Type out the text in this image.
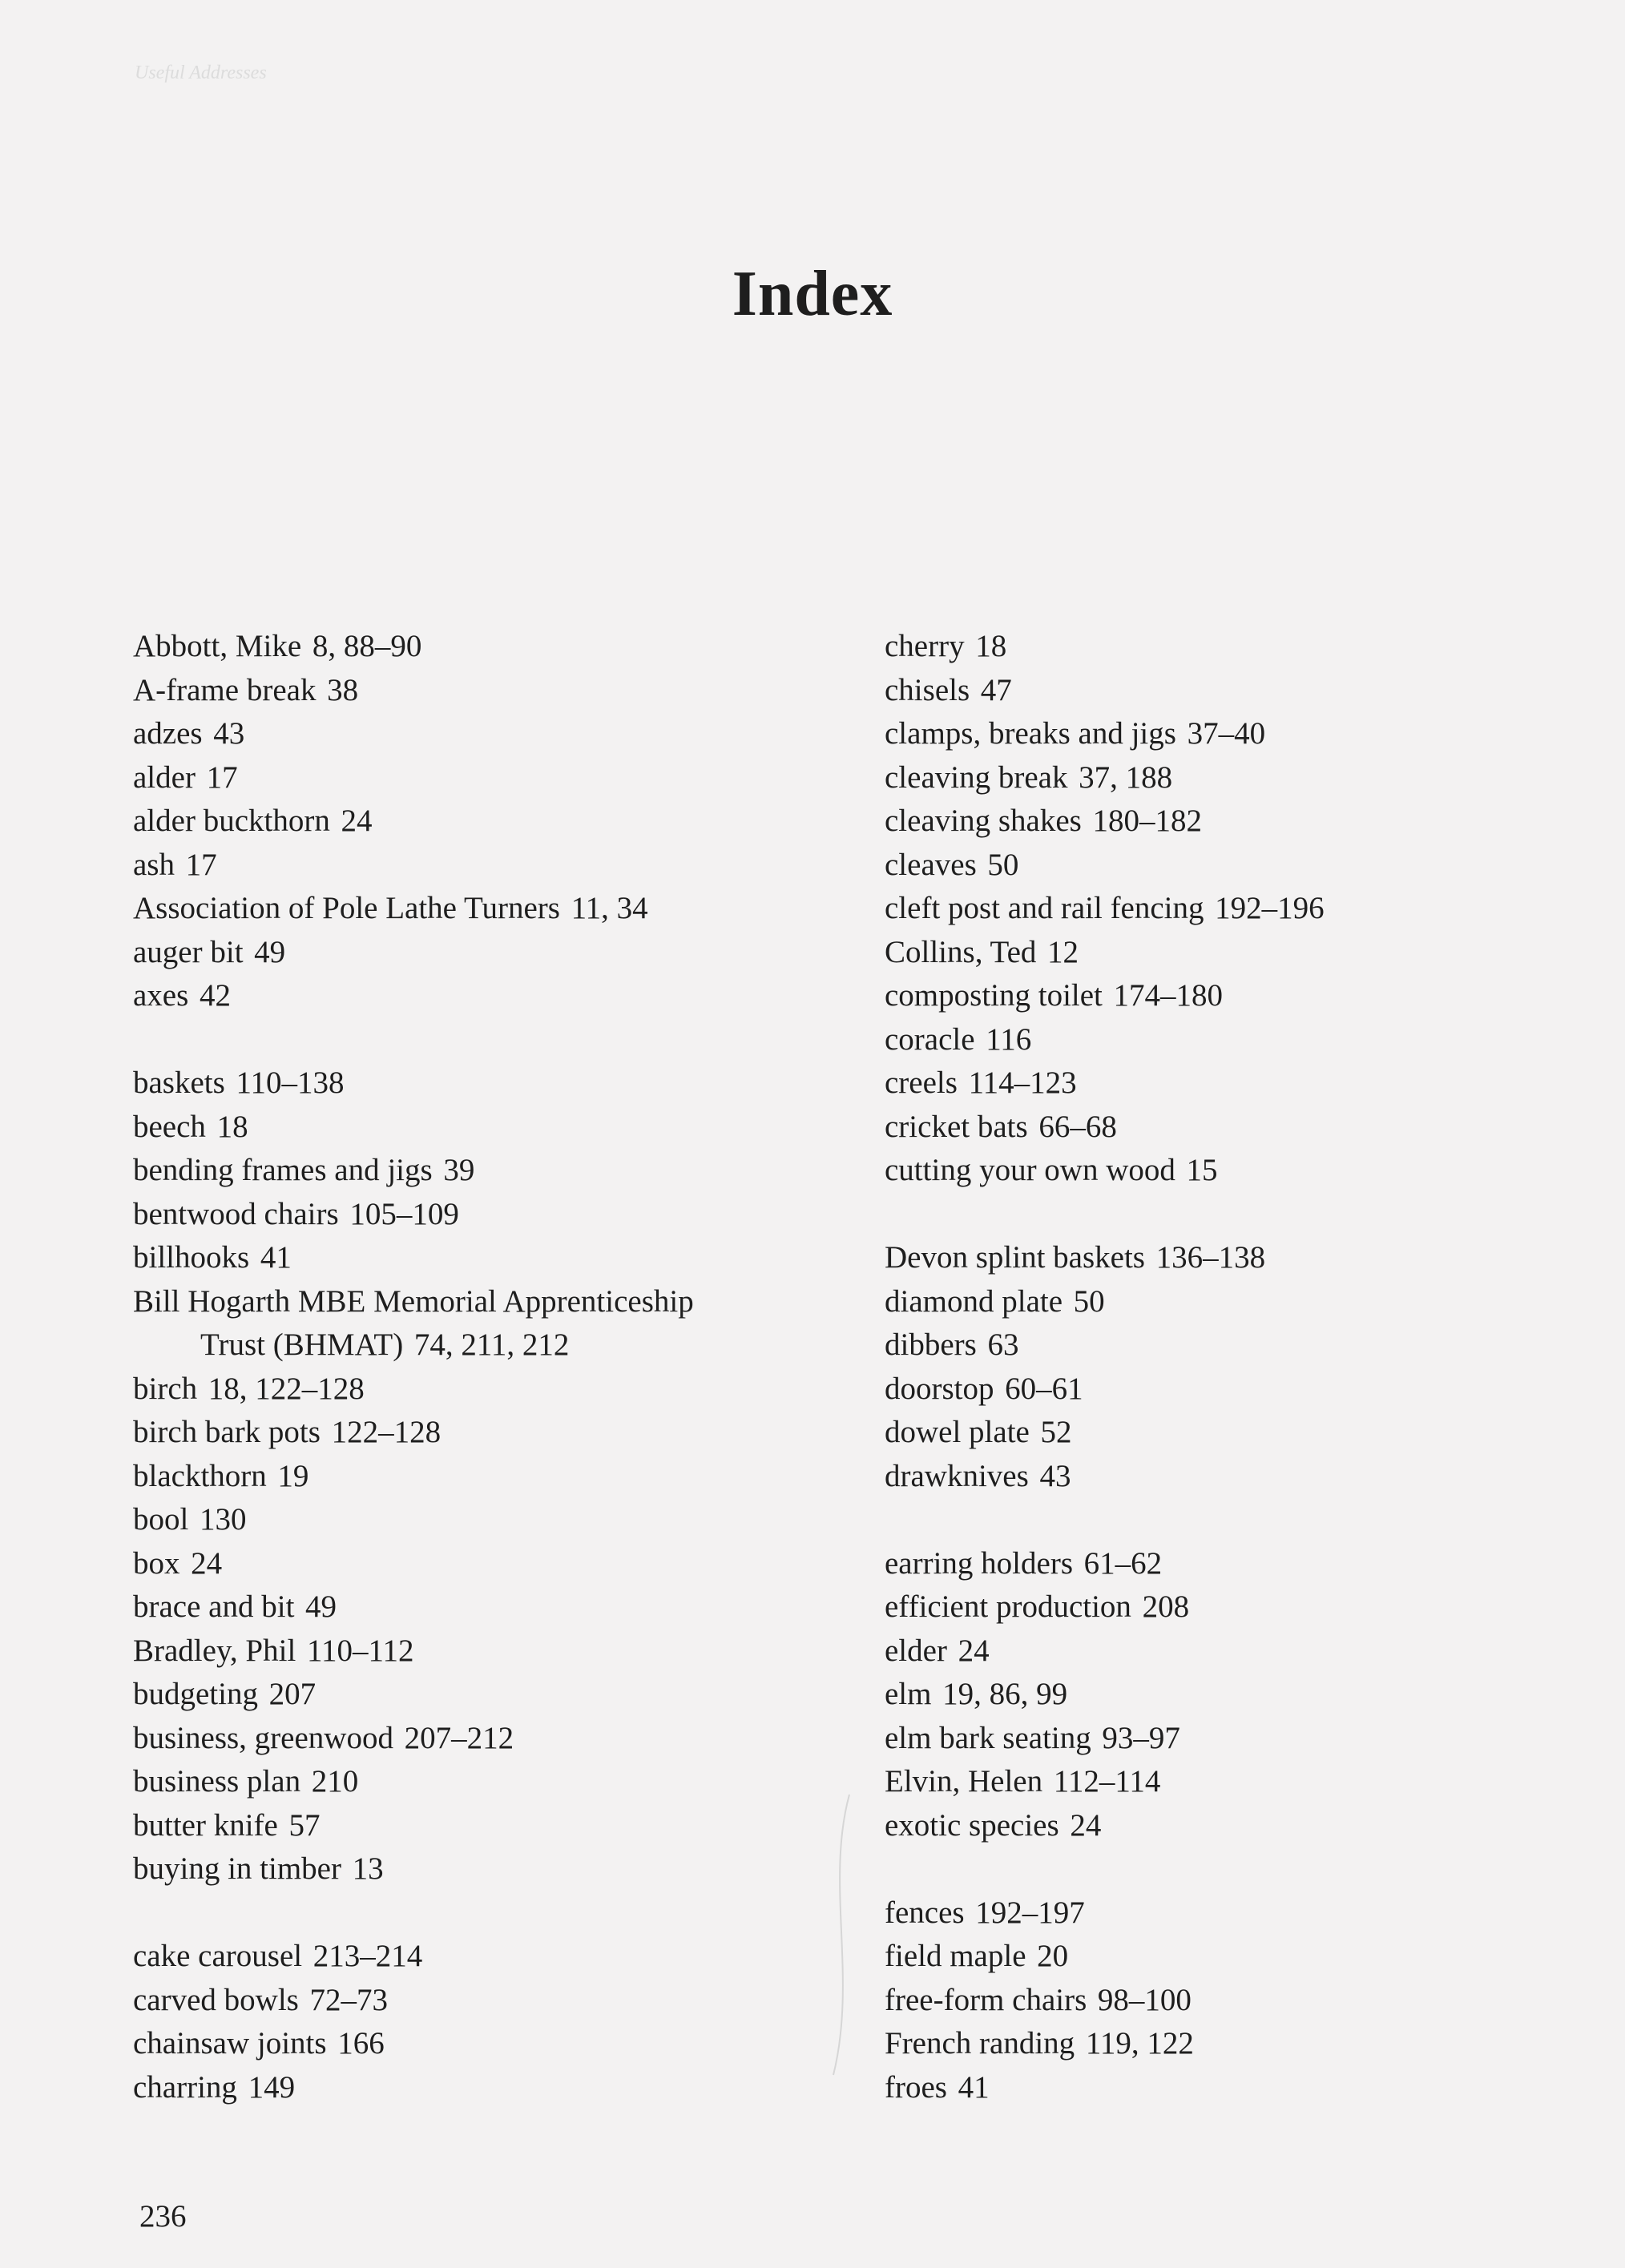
Useful Addresses
Index
Abbott, Mike 8, 88–90
A-frame break 38
adzes 43
alder 17
alder buckthorn 24
ash 17
Association of Pole Lathe Turners 11, 34
auger bit 49
axes 42
baskets 110–138
beech 18
bending frames and jigs 39
bentwood chairs 105–109
billhooks 41
Bill Hogarth MBE Memorial Apprenticeship
Trust (BHMAT) 74, 211, 212
birch 18, 122–128
birch bark pots 122–128
blackthorn 19
bool 130
box 24
brace and bit 49
Bradley, Phil 110–112
budgeting 207
business, greenwood 207–212
business plan 210
butter knife 57
buying in timber 13
cake carousel 213–214
carved bowls 72–73
chainsaw joints 166
charring 149
cherry 18
chisels 47
clamps, breaks and jigs 37–40
cleaving break 37, 188
cleaving shakes 180–182
cleaves 50
cleft post and rail fencing 192–196
Collins, Ted 12
composting toilet 174–180
coracle 116
creels 114–123
cricket bats 66–68
cutting your own wood 15
Devon splint baskets 136–138
diamond plate 50
dibbers 63
doorstop 60–61
dowel plate 52
drawknives 43
earring holders 61–62
efficient production 208
elder 24
elm 19, 86, 99
elm bark seating 93–97
Elvin, Helen 112–114
exotic species 24
fences 192–197
field maple 20
free-form chairs 98–100
French randing 119, 122
froes 41
236
